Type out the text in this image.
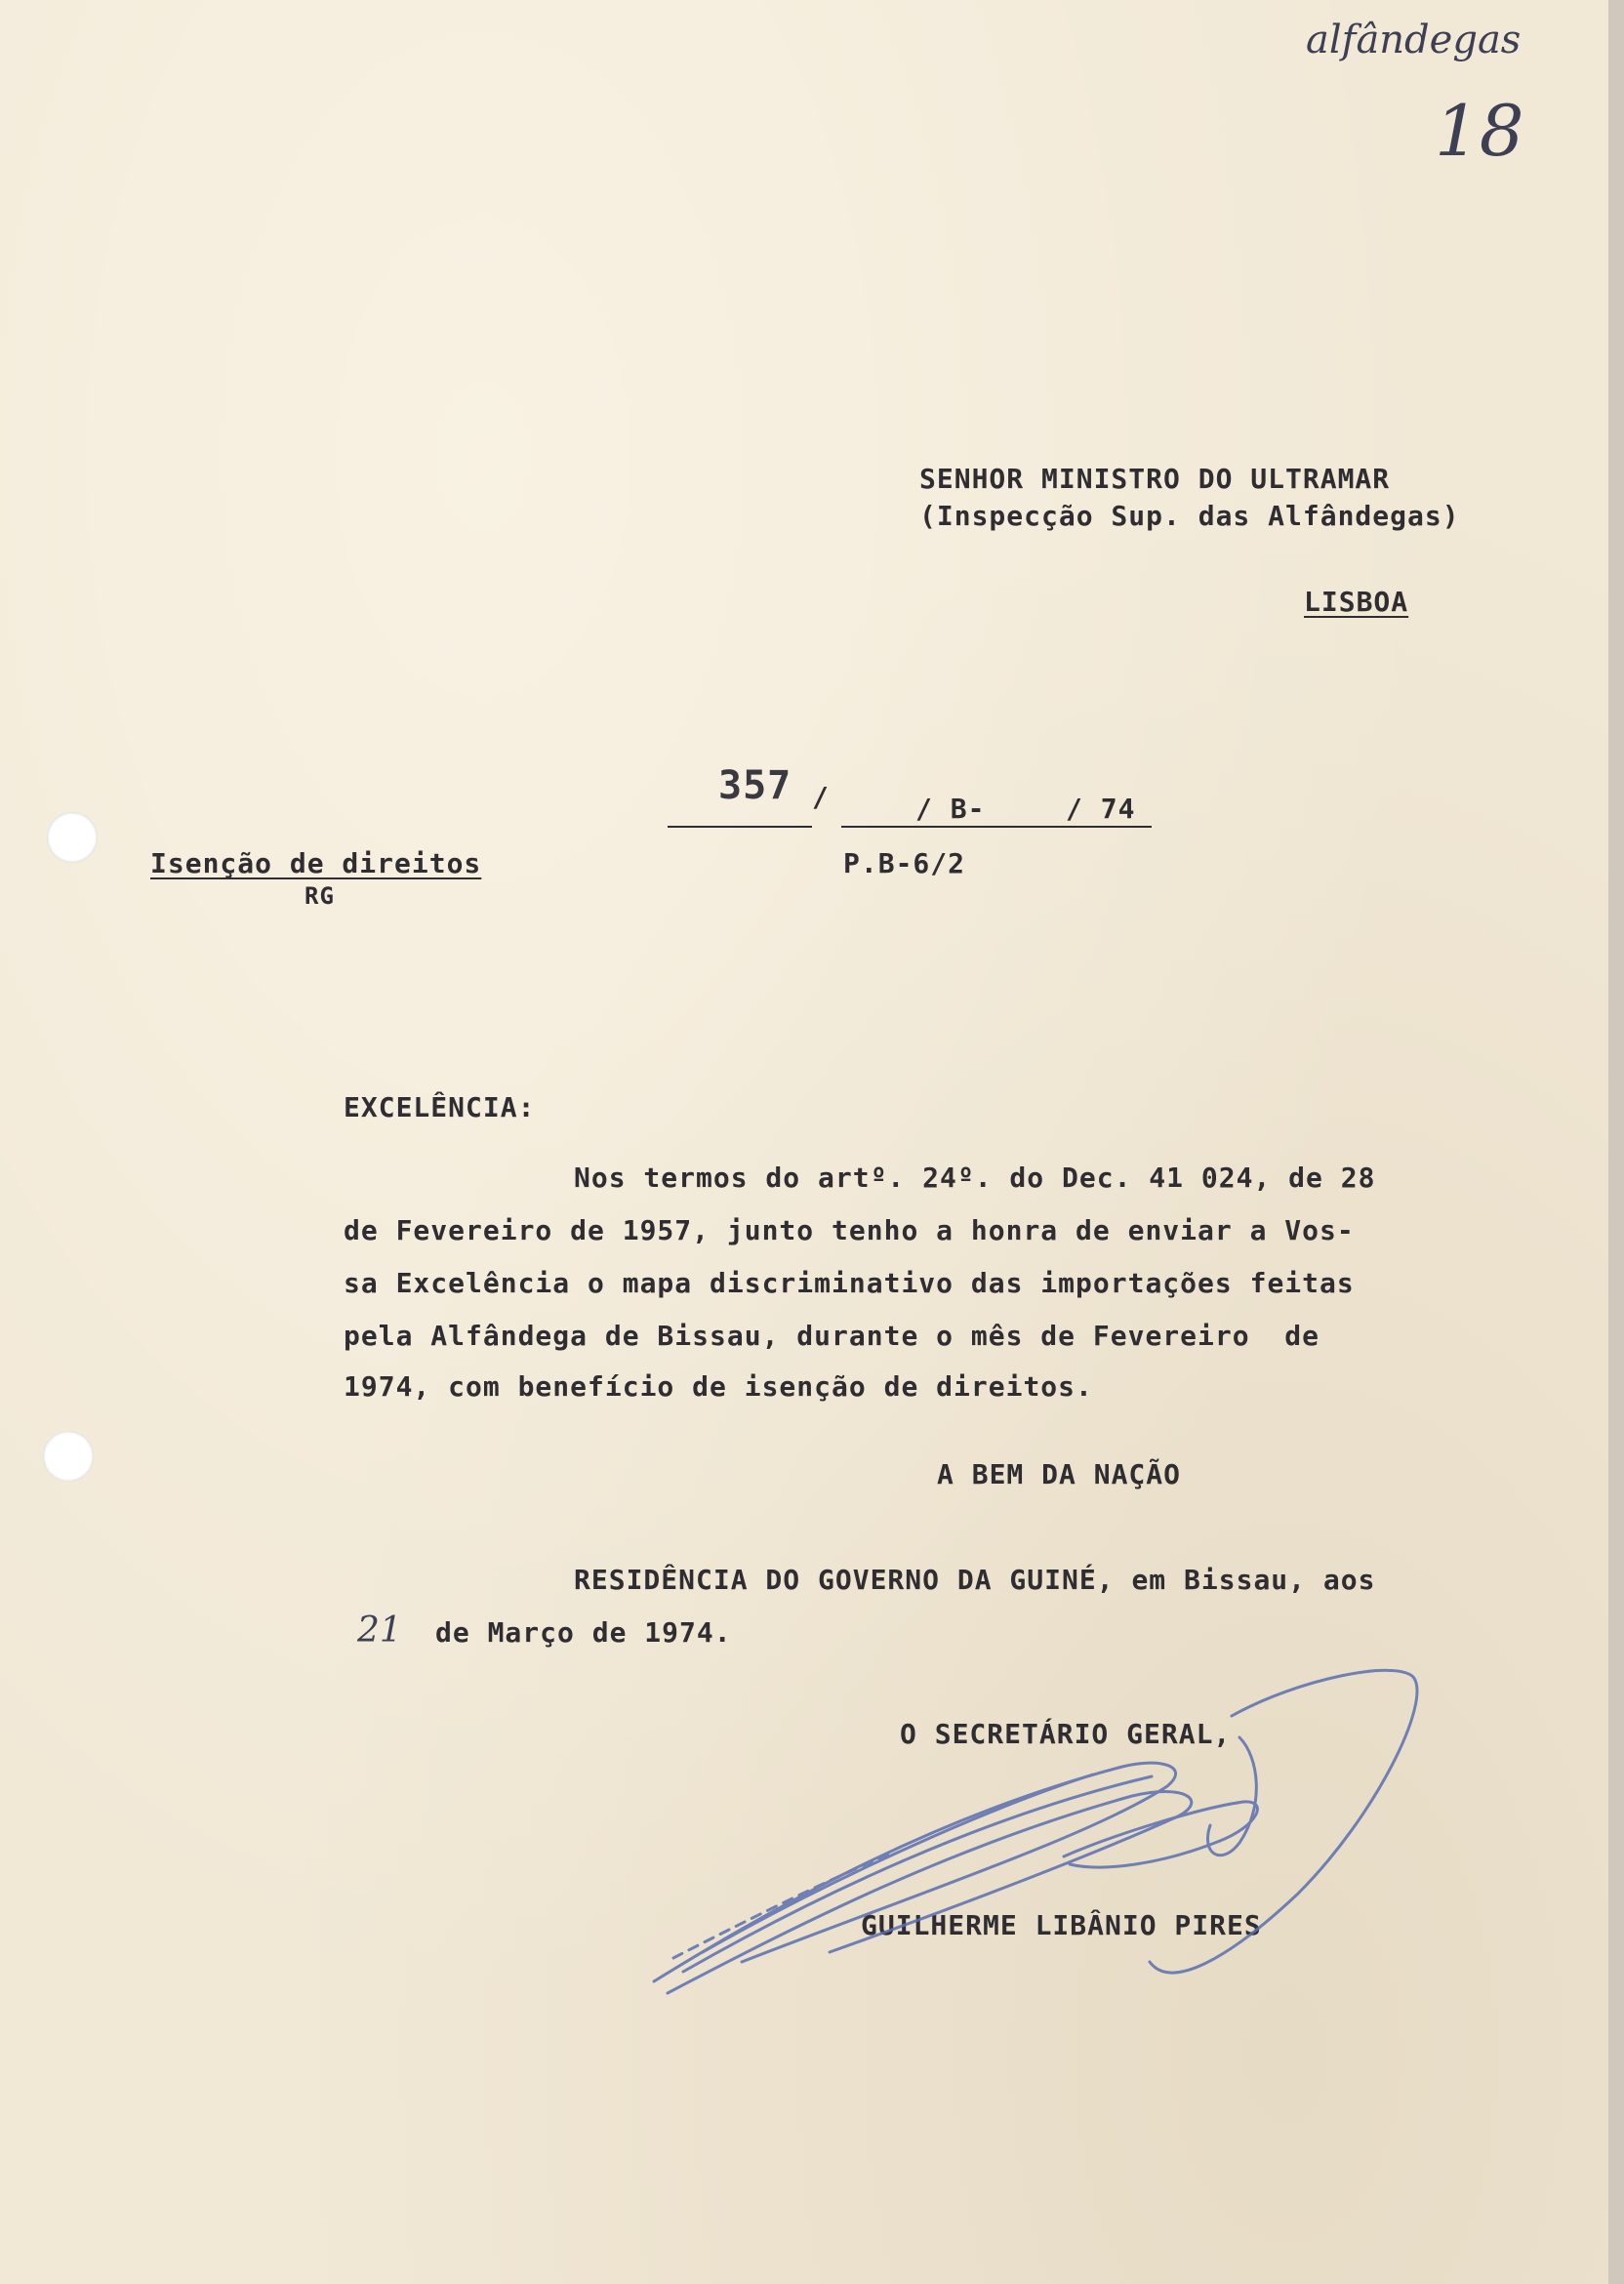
alfândegas
18
SENHOR MINISTRO DO ULTRAMAR
(Inspecção Sup. das Alfândegas)
LISBOA
357 /	/ B-	/ 74
P.B-6/2
Isenção de direitos
RG
EXCELÊNCIA:
Nos termos do artº. 24º. do Dec. 41 024, de 28
de Fevereiro de 1957, junto tenho a honra de enviar a Vos-
sa Excelência o mapa discriminativo das importações feitas
pela Alfândega de Bissau, durante o mês de Fevereiro  de
1974, com benefício de isenção de direitos.
A BEM DA NAÇÃO
RESIDÊNCIA DO GOVERNO DA GUINÉ, em Bissau, aos
21 de Março de 1974.
O SECRETÁRIO GERAL,
GUILHERME LIBÂNIO PIRES
